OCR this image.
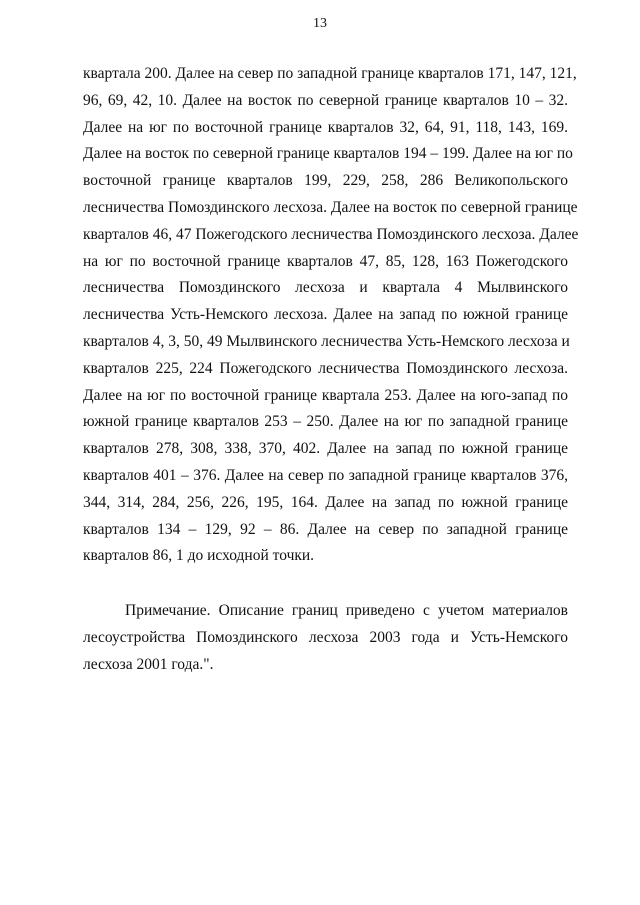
13

квартала 200. Далее на север по западной границе кварталов 171, 147, 121,
96, 69, 42, 10. Далее на восток по северной границе кварталов 10 – 32.
Далее на юг по восточной границе кварталов 32, 64, 91, 118, 143, 169.
Далее на восток по северной границе кварталов 194 – 199. Далее на юг по
восточной границе кварталов 199, 229, 258, 286 Великопольского
лесничества Помоздинского лесхоза. Далее на восток по северной границе
кварталов 46, 47 Пожегодского лесничества Помоздинского лесхоза. Далее
на юг по восточной границе кварталов 47, 85, 128, 163 Пожегодского
лесничества Помоздинского лесхоза и квартала 4 Мылвинского
лесничества Усть-Немского лесхоза. Далее на запад по южной границе
кварталов 4, 3, 50, 49 Мылвинского лесничества Усть-Немского лесхоза и
кварталов 225, 224 Пожегодского лесничества Помоздинского лесхоза.
Далее на юг по восточной границе квартала 253. Далее на юго-запад по
южной границе кварталов 253 – 250. Далее на юг по западной границе
кварталов 278, 308, 338, 370, 402. Далее на запад по южной границе
кварталов 401 – 376. Далее на север по западной границе кварталов 376,
344, 314, 284, 256, 226, 195, 164. Далее на запад по южной границе
кварталов 134 – 129, 92 – 86. Далее на север по западной границе
кварталов 86, 1 до исходной точки.

Примечание. Описание границ приведено с учетом материалов
лесоустройства Помоздинского лесхоза 2003 года и Усть-Немского
лесхоза 2001 года.".
